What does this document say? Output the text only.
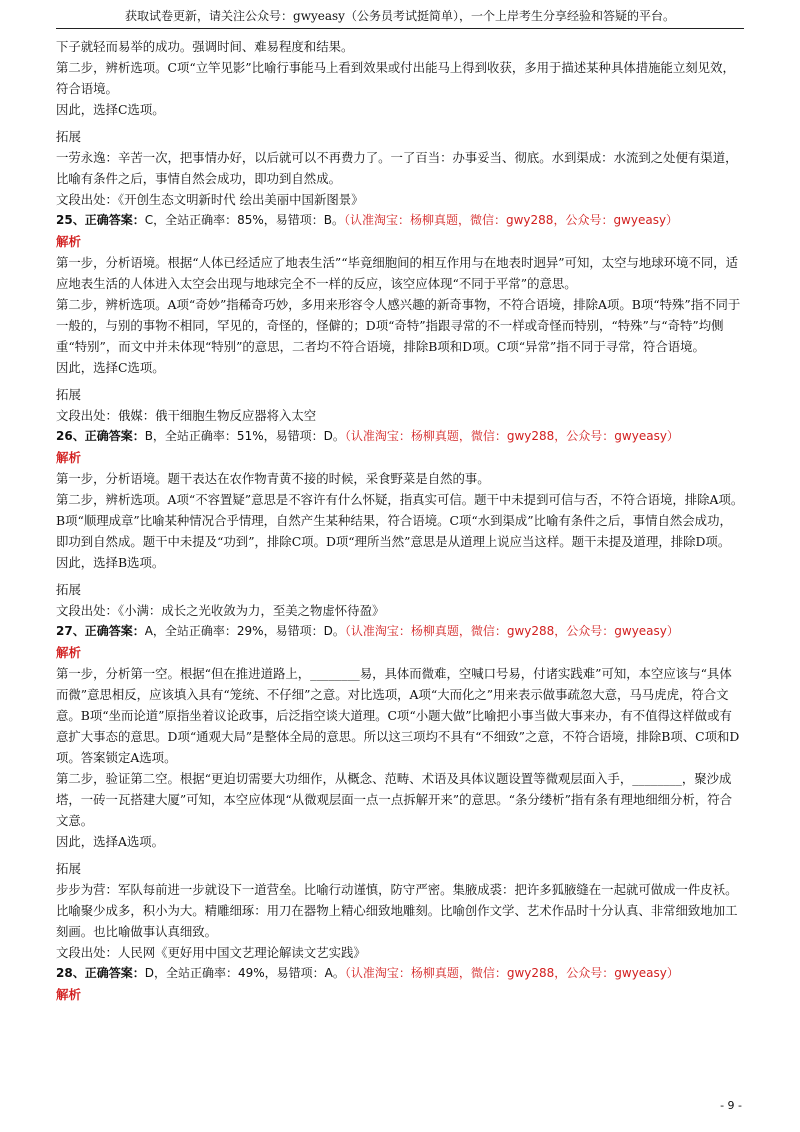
获取试卷更新，请关注公众号：gwyeasy（公务员考试挺简单），一个上岸考生分享经验和答疑的平台。

下子就轻而易举的成功。强调时间、难易程度和结果。

第二步，辨析选项。C项“立竿见影”比喻行事能马上看到效果或付出能马上得到收获，多用于描述某种具体措施能立刻见效，符合语境。

因此，选择C选项。

拓展

一劳永逸：辛苦一次，把事情办好，以后就可以不再费力了。一了百当：办事妥当、彻底。水到渠成：水流到之处便有渠道，比喻有条件之后，事情自然会成功，即功到自然成。

文段出处：《开创生态文明新时代 绘出美丽中国新图景》

25、正确答案：C，全站正确率：85%，易错项：B。（认准淘宝：杨柳真题，微信：gwy288，公众号：gwyeasy）

解析

第一步，分析语境。根据“人体已经适应了地表生活”“毕竟细胞间的相互作用与在地表时迥异”可知，太空与地球环境不同，适应地表生活的人体进入太空会出现与地球完全不一样的反应，该空应体现“不同于平常”的意思。

第二步，辨析选项。A项“奇妙”指稀奇巧妙，多用来形容令人感兴趣的新奇事物，不符合语境，排除A项。B项“特殊”指不同于一般的，与别的事物不相同，罕见的，奇怪的，怪僻的；D项“奇特”指跟寻常的不一样或奇怪而特别，“特殊”与“奇特”均侧重“特别”，而文中并未体现“特别”的意思，二者均不符合语境，排除B项和D项。C项“异常”指不同于寻常，符合语境。

因此，选择C选项。

拓展

文段出处：俄媒：俄干细胞生物反应器将入太空

26、正确答案：B，全站正确率：51%，易错项：D。（认准淘宝：杨柳真题，微信：gwy288，公众号：gwyeasy）

解析

第一步，分析语境。题干表达在农作物青黄不接的时候，采食野菜是自然的事。

第二步，辨析选项。A项“不容置疑”意思是不容许有什么怀疑，指真实可信。题干中未提到可信与否，不符合语境，排除A项。B项“顺理成章”比喻某种情况合乎情理，自然产生某种结果，符合语境。C项“水到渠成”比喻有条件之后，事情自然会成功，即功到自然成。题干中未提及“功到”，排除C项。D项“理所当然”意思是从道理上说应当这样。题干未提及道理，排除D项。

因此，选择B选项。

拓展

文段出处：《小满：成长之光收敛为力，至美之物虚怀待盈》

27、正确答案：A，全站正确率：29%，易错项：D。（认准淘宝：杨柳真题，微信：gwy288，公众号：gwyeasy）

解析

第一步，分析第一空。根据“但在推进道路上，________易，具体而微难，空喊口号易，付诸实践难”可知，本空应该与“具体而微”意思相反，应该填入具有“笼统、不仔细”之意。对比选项，A项“大而化之”用来表示做事疏忽大意，马马虎虎，符合文意。B项“坐而论道”原指坐着议论政事，后泛指空谈大道理。C项“小题大做”比喻把小事当做大事来办，有不值得这样做或有意扩大事态的意思。D项“通观大局”是整体全局的意思。所以这三项均不具有“不细致”之意，不符合语境，排除B项、C项和D项。答案锁定A选项。

第二步，验证第二空。根据“更迫切需要大功细作，从概念、范畴、术语及具体议题设置等微观层面入手，________，聚沙成塔，一砖一瓦搭建大厦”可知，本空应体现“从微观层面一点一点拆解开来”的意思。“条分缕析”指有条有理地细细分析，符合文意。

因此，选择A选项。

拓展

步步为营：军队每前进一步就设下一道营垒。比喻行动谨慎，防守严密。集腋成裘：把许多狐腋缝在一起就可做成一件皮袄。比喻聚少成多，积小为大。精雕细琢：用刀在器物上精心细致地雕刻。比喻创作文学、艺术作品时十分认真、非常细致地加工刻画。也比喻做事认真细致。

文段出处：人民网《更好用中国文艺理论解读文艺实践》

28、正确答案：D，全站正确率：49%，易错项：A。（认准淘宝：杨柳真题，微信：gwy288，公众号：gwyeasy）

解析

- 9 -
